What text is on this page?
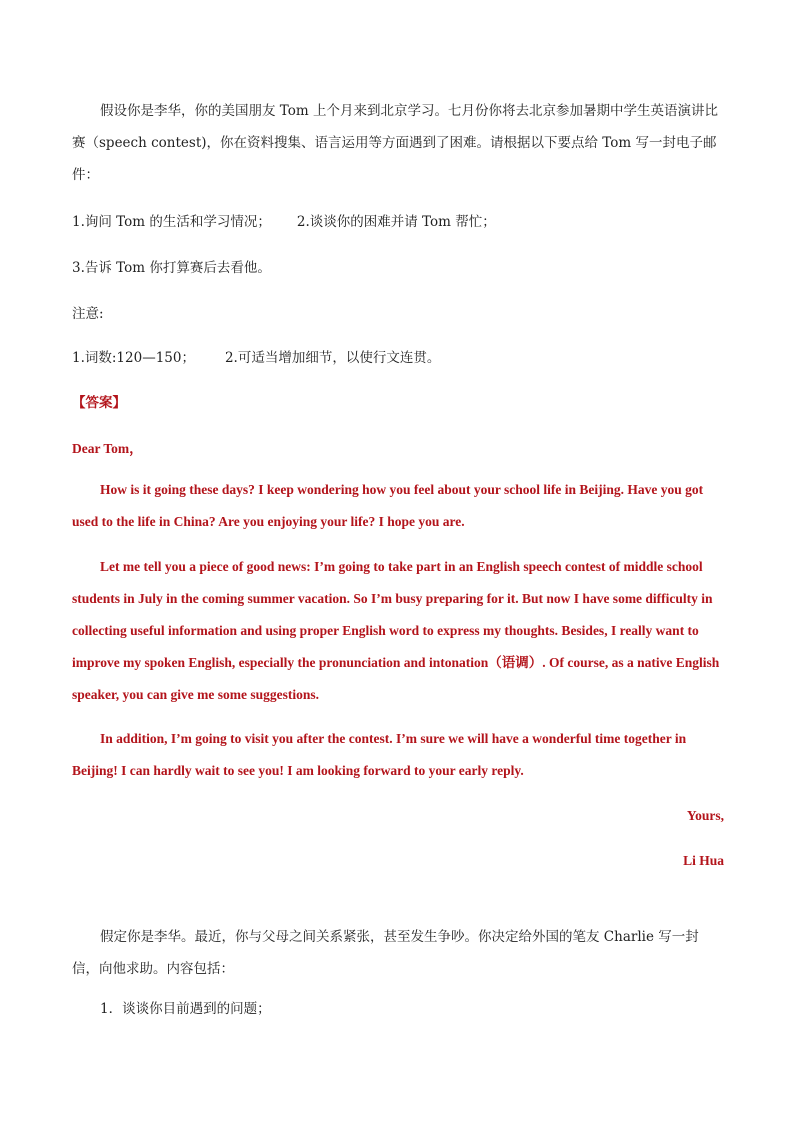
假设你是李华，你的美国朋友 Tom 上个月来到北京学习。七月份你将去北京参加暑期中学生英语演讲比赛（speech contest)，你在资料搜集、语言运用等方面遇到了困难。请根据以下要点给 Tom 写一封电子邮件：

1.询问 Tom 的生活和学习情况； 2.谈谈你的困难并请 Tom 帮忙；

3.告诉 Tom 你打算赛后去看他。

注意:

1.词数:120—150； 2.可适当增加细节，以使行文连贯。

【答案】

Dear Tom，

How is it going these days? I keep wondering how you feel about your school life in Beijing. Have you got used to the life in China? Are you enjoying your life? I hope you are.

Let me tell you a piece of good news: I’m going to take part in an English speech contest of middle school students in July in the coming summer vacation. So I’m busy preparing for it. But now I have some difficulty in collecting useful information and using proper English word to express my thoughts. Besides, I really want to improve my spoken English, especially the pronunciation and intonation（语调）. Of course, as a native English speaker, you can give me some suggestions.

In addition, I’m going to visit you after the contest. I’m sure we will have a wonderful time together in Beijing! I can hardly wait to see you! I am looking forward to your early reply.

Yours,

Li Hua

假定你是李华。最近，你与父母之间关系紧张，甚至发生争吵。你决定给外国的笔友 Charlie 写一封信，向他求助。内容包括：

1．谈谈你目前遇到的问题；
